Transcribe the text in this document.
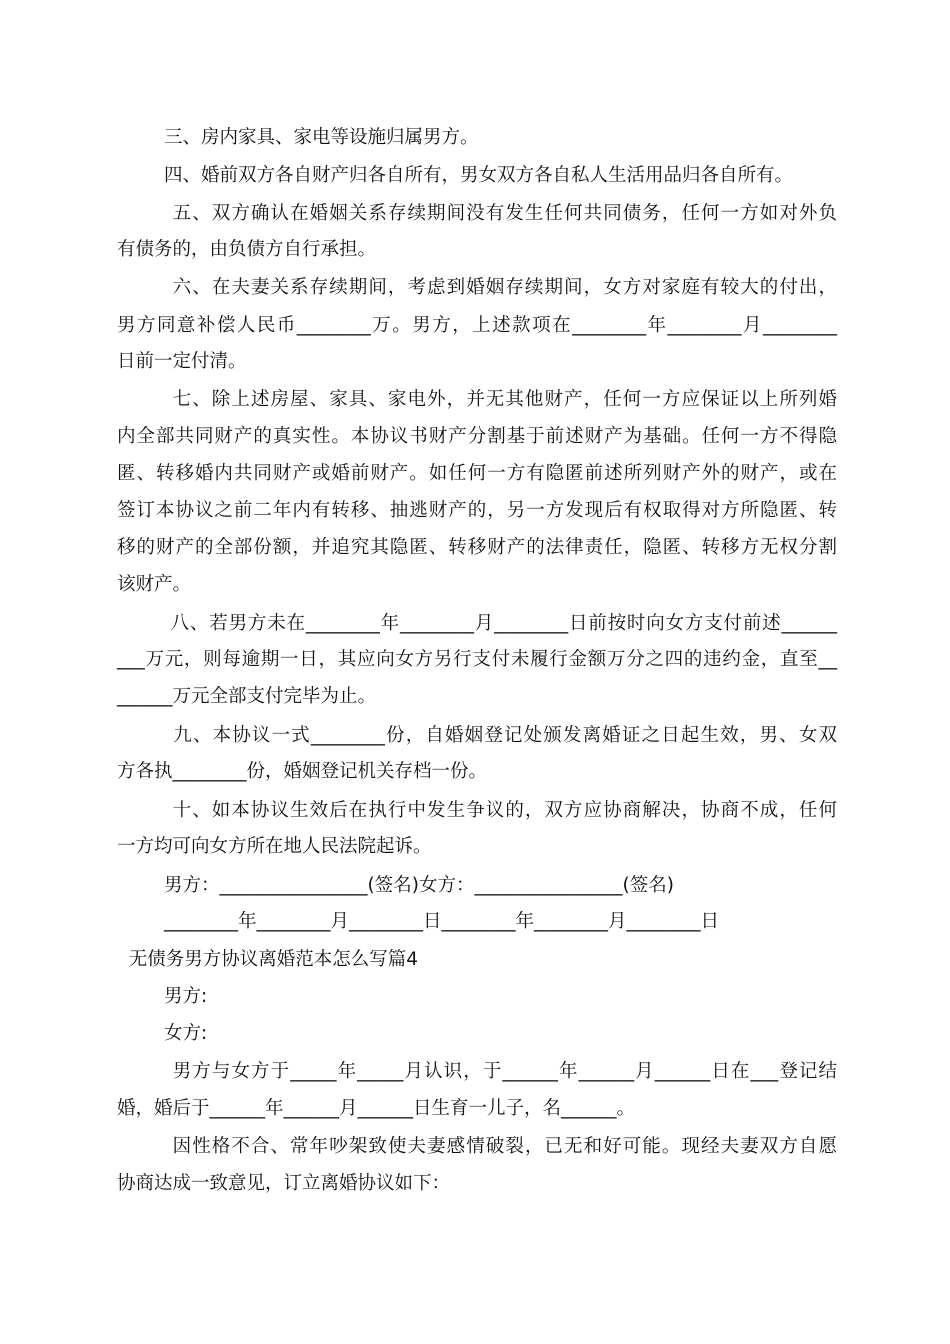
三、房内家具、家电等设施归属男方。
四、婚前双方各自财产归各自所有，男女双方各自私人生活用品归各自所有。
五、双方确认在婚姻关系存续期间没有发生任何共同债务，任何一方如对外负
有债务的，由负债方自行承担。
六、在夫妻关系存续期间，考虑到婚姻存续期间，女方对家庭有较大的付出，
男方同意补偿人民币________万。男方，上述款项在________年________月________
日前一定付清。
七、除上述房屋、家具、家电外，并无其他财产，任何一方应保证以上所列婚
内全部共同财产的真实性。本协议书财产分割基于前述财产为基础。任何一方不得隐
匿、转移婚内共同财产或婚前财产。如任何一方有隐匿前述所列财产外的财产，或在
签订本协议之前二年内有转移、抽逃财产的，另一方发现后有权取得对方所隐匿、转
移的财产的全部份额，并追究其隐匿、转移财产的法律责任，隐匿、转移方无权分割
该财产。
八、若男方未在________年________月________日前按时向女方支付前述______
___万元，则每逾期一日，其应向女方另行支付未履行金额万分之四的违约金，直至__
______万元全部支付完毕为止。
九、本协议一式________份，自婚姻登记处颁发离婚证之日起生效，男、女双
方各执________份，婚姻登记机关存档一份。
十、如本协议生效后在执行中发生争议的，双方应协商解决，协商不成，任何
一方均可向女方所在地人民法院起诉。
男方：________________(签名)女方：________________(签名)
________年________月________日________年________月________日
无债务男方协议离婚范本怎么写篇4
男方:
女方:
男方与女方于_____年_____月认识，于______年______月______日在___登记结
婚，婚后于______年______月______日生育一儿子，名______。
因性格不合、常年吵架致使夫妻感情破裂，已无和好可能。现经夫妻双方自愿
协商达成一致意见，订立离婚协议如下：
